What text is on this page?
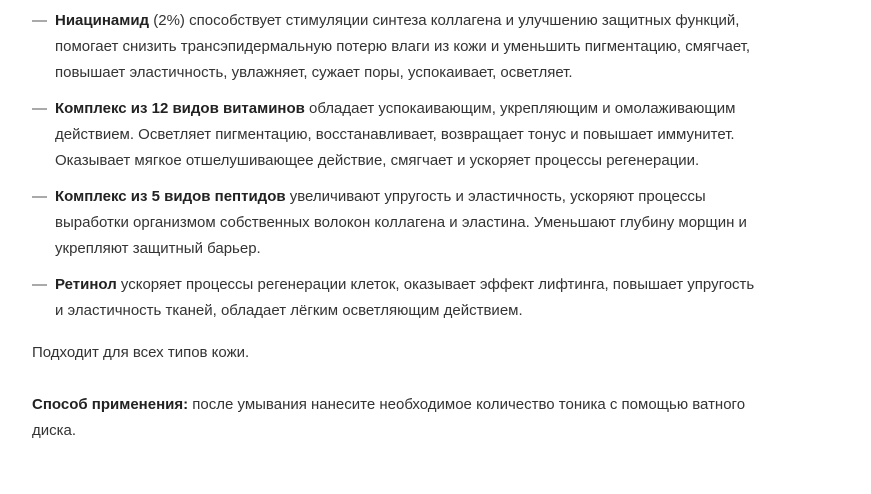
— Ниацинамид (2%) способствует стимуляции синтеза коллагена и улучшению защитных функций, помогает снизить трансэпидермальную потерю влаги из кожи и уменьшить пигментацию, смягчает, повышает эластичность, увлажняет, сужает поры, успокаивает, осветляет.
— Комплекс из 12 видов витаминов обладает успокаивающим, укрепляющим и омолаживающим действием. Осветляет пигментацию, восстанавливает, возвращает тонус и повышает иммунитет. Оказывает мягкое отшелушивающее действие, смягчает и ускоряет процессы регенерации.
— Комплекс из 5 видов пептидов увеличивают упругость и эластичность, ускоряют процессы выработки организмом собственных волокон коллагена и эластина. Уменьшают глубину морщин и укрепляют защитный барьер.
— Ретинол ускоряет процессы регенерации клеток, оказывает эффект лифтинга, повышает упругость и эластичность тканей, обладает лёгким осветляющим действием.

Подходит для всех типов кожи.

Способ применения: после умывания нанесите необходимое количество тоника с помощью ватного диска.
